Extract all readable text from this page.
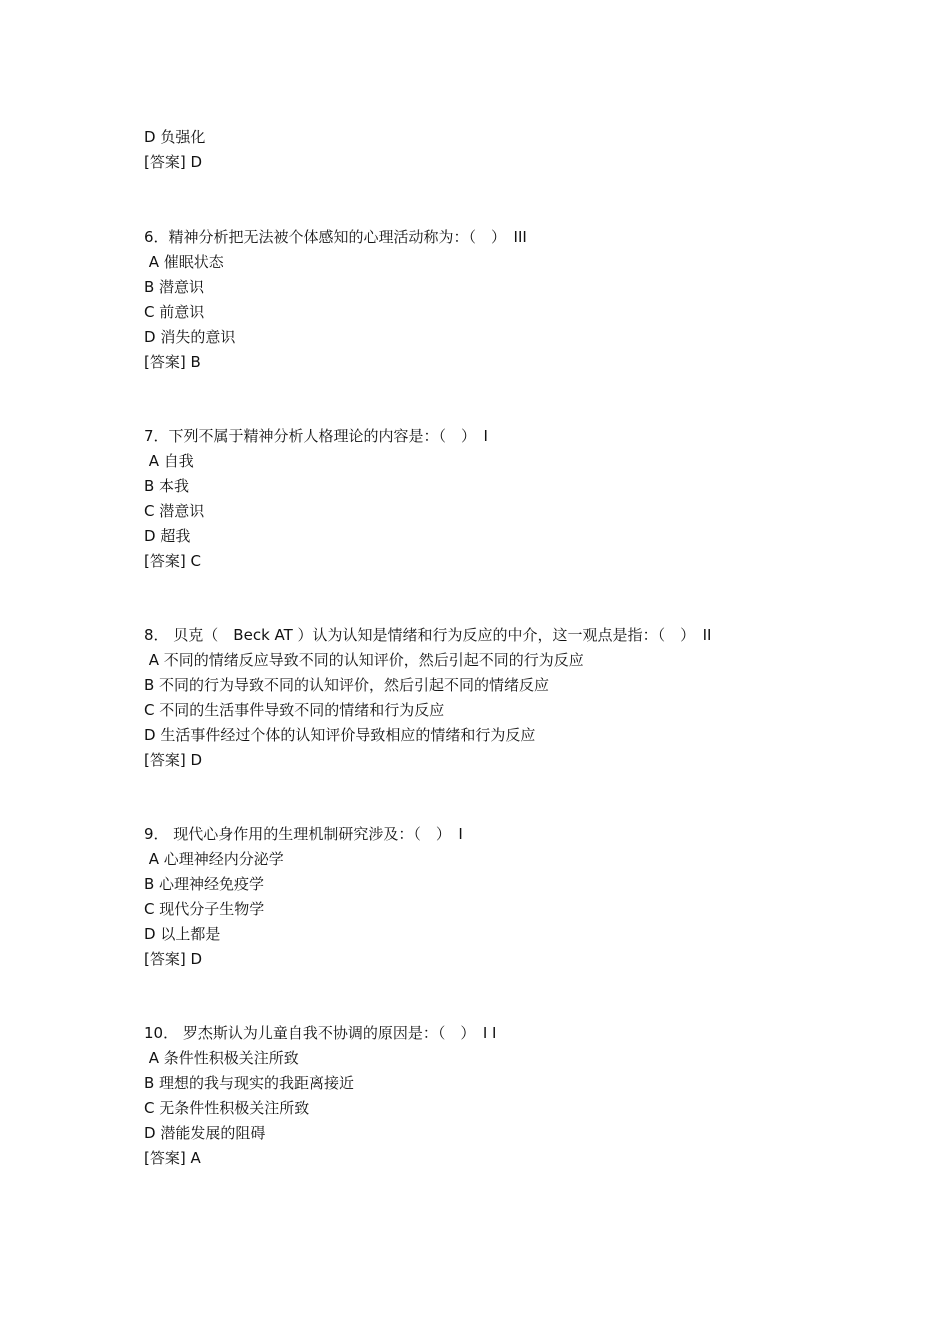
D 负强化
[答案] D
6．精神分析把无法被个体感知的心理活动称为：（　）　III
A 催眠状态
B 潜意识
C 前意识
D 消失的意识
[答案] B
7．下列不属于精神分析人格理论的内容是：（　）　I
A 自我
B 本我
C 潜意识
D 超我
[答案] C
8． 贝克（　Beck AT ）认为认知是情绪和行为反应的中介，这一观点是指：（　）　II
A 不同的情绪反应导致不同的认知评价，然后引起不同的行为反应
B 不同的行为导致不同的认知评价，然后引起不同的情绪反应
C 不同的生活事件导致不同的情绪和行为反应
D 生活事件经过个体的认知评价导致相应的情绪和行为反应
[答案] D
9． 现代心身作用的生理机制研究涉及：（　）　I
A 心理神经内分泌学
B 心理神经免疫学
C 现代分子生物学
D 以上都是
[答案] D
10． 罗杰斯认为儿童自我不协调的原因是：（　）　I I
A 条件性积极关注所致
B 理想的我与现实的我距离接近
C 无条件性积极关注所致
D 潜能发展的阻碍
[答案] A
